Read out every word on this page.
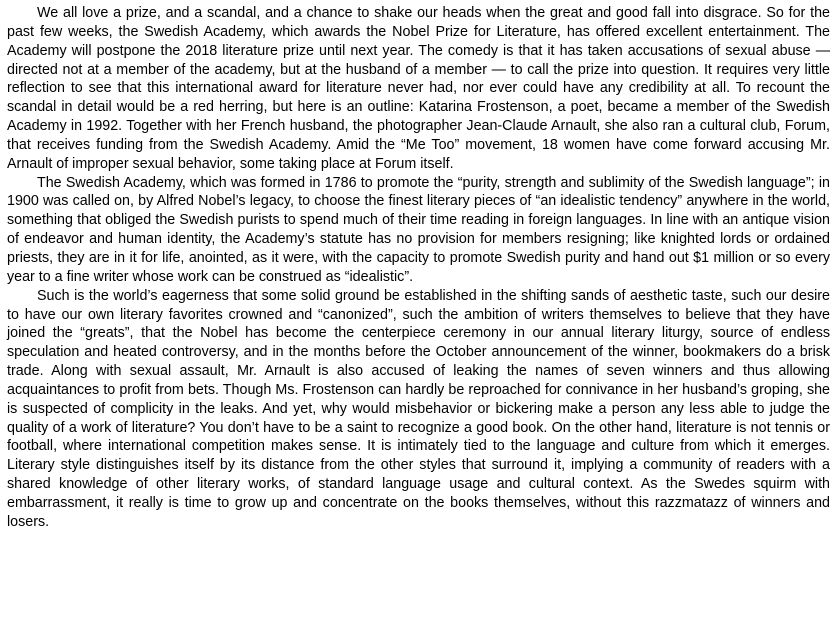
We all love a prize, and a scandal, and a chance to shake our heads when the great and good fall into disgrace. So for the past few weeks, the Swedish Academy, which awards the Nobel Prize for Literature, has offered excellent entertainment. The Academy will postpone the 2018 literature prize until next year. The comedy is that it has taken accusations of sexual abuse — directed not at a member of the academy, but at the husband of a member — to call the prize into question. It requires very little reflection to see that this international award for literature never had, nor ever could have any credibility at all. To recount the scandal in detail would be a red herring, but here is an outline: Katarina Frostenson, a poet, became a member of the Swedish Academy in 1992. Together with her French husband, the photographer Jean-Claude Arnault, she also ran a cultural club, Forum, that receives funding from the Swedish Academy. Amid the “Me Too” movement, 18 women have come forward accusing Mr. Arnault of improper sexual behavior, some taking place at Forum itself.

The Swedish Academy, which was formed in 1786 to promote the “purity, strength and sublimity of the Swedish language”; in 1900 was called on, by Alfred Nobel’s legacy, to choose the finest literary pieces of “an idealistic tendency” anywhere in the world, something that obliged the Swedish purists to spend much of their time reading in foreign languages. In line with an antique vision of endeavor and human identity, the Academy’s statute has no provision for members resigning; like knighted lords or ordained priests, they are in it for life, anointed, as it were, with the capacity to promote Swedish purity and hand out $1 million or so every year to a fine writer whose work can be construed as “idealistic”.

Such is the world’s eagerness that some solid ground be established in the shifting sands of aesthetic taste, such our desire to have our own literary favorites crowned and “canonized”, such the ambition of writers themselves to believe that they have joined the “greats”, that the Nobel has become the centerpiece ceremony in our annual literary liturgy, source of endless speculation and heated controversy, and in the months before the October announcement of the winner, bookmakers do a brisk trade. Along with sexual assault, Mr. Arnault is also accused of leaking the names of seven winners and thus allowing acquaintances to profit from bets. Though Ms. Frostenson can hardly be reproached for connivance in her husband’s groping, she is suspected of complicity in the leaks. And yet, why would misbehavior or bickering make a person any less able to judge the quality of a work of literature? You don’t have to be a saint to recognize a good book. On the other hand, literature is not tennis or football, where international competition makes sense. It is intimately tied to the language and culture from which it emerges. Literary style distinguishes itself by its distance from the other styles that surround it, implying a community of readers with a shared knowledge of other literary works, of standard language usage and cultural context. As the Swedes squirm with embarrassment, it really is time to grow up and concentrate on the books themselves, without this razzmatazz of winners and losers.
